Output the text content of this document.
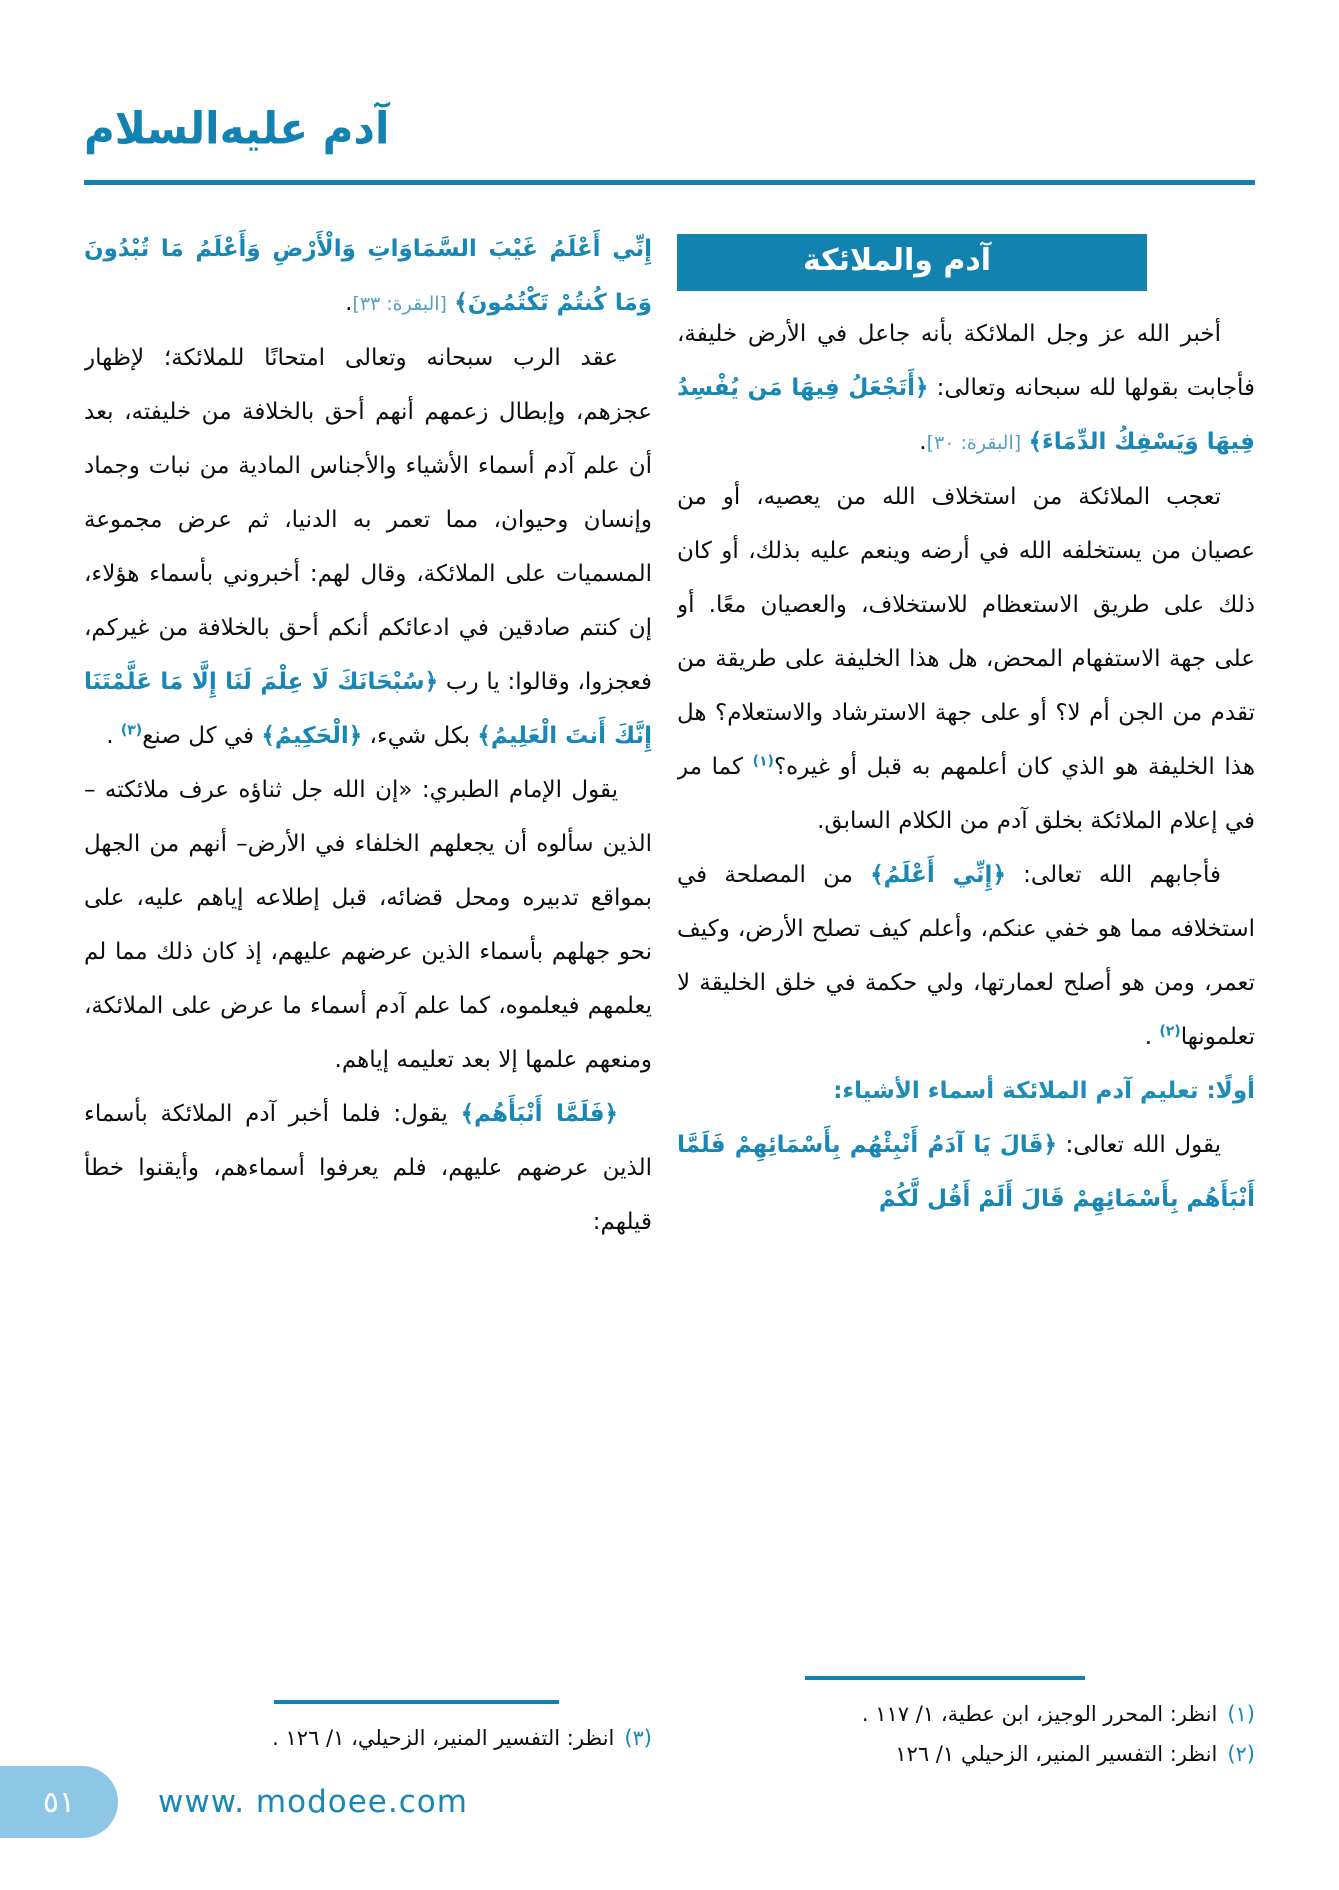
آدم عليه‌السلام
آدم والملائكة

أخبر الله عز وجل الملائكة بأنه جاعل في الأرض خليفة، فأجابت بقولها لله سبحانه وتعالى: ﴿أَتَجْعَلُ فِيهَا مَن يُفْسِدُ فِيهَا وَيَسْفِكُ الدِّمَاءَ﴾ [البقرة: ٣٠].

تعجب الملائكة من استخلاف الله من يعصيه، أو من عصيان من يستخلفه الله في أرضه وينعم عليه بذلك، أو كان ذلك على طريق الاستعظام للاستخلاف، والعصيان معًا. أو على جهة الاستفهام المحض، هل هذا الخليفة على طريقة من تقدم من الجن أم لا؟ أو على جهة الاسترشاد والاستعلام؟ هل هذا الخليفة هو الذي كان أعلمهم به قبل أو غيره؟$^{(١)}$ كما مر في إعلام الملائكة بخلق آدم من الكلام السابق.

فأجابهم الله تعالى: ﴿إِنِّي أَعْلَمُ﴾ من المصلحة في استخلافه مما هو خفي عنكم، وأعلم كيف تصلح الأرض، وكيف تعمر، ومن هو أصلح لعمارتها، ولي حكمة في خلق الخليقة لا تعلمونها$^{(٢)}$ .

أولًا: تعليم آدم الملائكة أسماء الأشياء:

يقول الله تعالى: ﴿قَالَ يَا آدَمُ أَنْبِئْهُم بِأَسْمَائِهِمْ فَلَمَّا أَنْبَأَهُم بِأَسْمَائِهِمْ قَالَ أَلَمْ أَقُل لَّكُمْ

(١)
انظر: المحرر الوجيز، ابن عطية، ١/ ١١٧ .
(٢)
انظر: التفسير المنير، الزحيلي ١/ ١٢٦

إِنِّي أَعْلَمُ غَيْبَ السَّمَاوَاتِ وَالْأَرْضِ وَأَعْلَمُ مَا تُبْدُونَ وَمَا كُنتُمْ تَكْتُمُونَ﴾ [البقرة: ٣٣].

عقد الرب سبحانه وتعالى امتحانًا للملائكة؛ لإظهار عجزهم، وإبطال زعمهم أنهم أحق بالخلافة من خليفته، بعد أن علم آدم أسماء الأشياء والأجناس المادية من نبات وجماد وإنسان وحيوان، مما تعمر به الدنيا، ثم عرض مجموعة المسميات على الملائكة، وقال لهم: أخبروني بأسماء هؤلاء، إن كنتم صادقين في ادعائكم أنكم أحق بالخلافة من غيركم، فعجزوا، وقالوا: يا رب ﴿سُبْحَانَكَ لَا عِلْمَ لَنَا إِلَّا مَا عَلَّمْتَنَا إِنَّكَ أَنتَ الْعَلِيمُ﴾ بكل شيء، ﴿الْحَكِيمُ﴾ في كل صنع$^{(٣)}$ .

يقول الإمام الطبري: «إن الله جل ثناؤه عرف ملائكته –الذين سألوه أن يجعلهم الخلفاء في الأرض– أنهم من الجهل بمواقع تدبيره ومحل قضائه، قبل إطلاعه إياهم عليه، على نحو جهلهم بأسماء الذين عرضهم عليهم، إذ كان ذلك مما لم يعلمهم فيعلموه، كما علم آدم أسماء ما عرض على الملائكة، ومنعهم علمها إلا بعد تعليمه إياهم.

﴿فَلَمَّا أَنْبَأَهُم﴾ يقول: فلما أخبر آدم الملائكة بأسماء الذين عرضهم عليهم، فلم يعرفوا أسماءهم، وأيقنوا خطأ قيلهم:

(٣)
انظر: التفسير المنير، الزحيلي، ١/ ١٢٦ .
٥١	www. modoee.com
